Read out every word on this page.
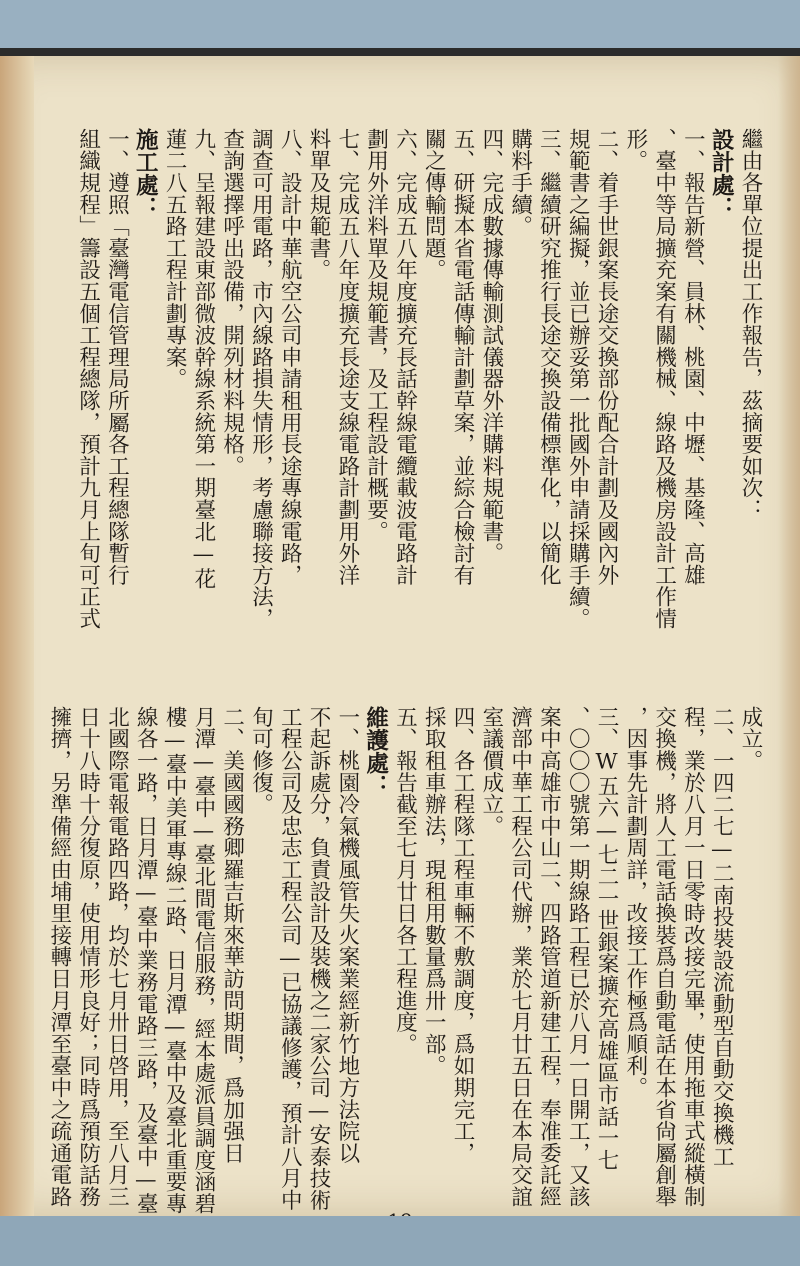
繼由各單位提出工作報告，茲摘要如次：
設計處：
一、報告新營、員林、桃園、中壢、基隆、高雄
、臺中等局擴充案有關機械、線路及機房設計工作情
形。
二、着手世銀案長途交換部份配合計劃及國內外
規範書之編擬，並已辦妥第一批國外申請採購手續。
三、繼續研究推行長途交換設備標準化，以簡化
購料手續。
四、完成數據傳輸測試儀器外洋購料規範書。
五、研擬本省電話傳輸計劃草案，並綜合檢討有
關之傳輸問題。
六、完成五八年度擴充長話幹線電纜載波電路計
劃用外洋料單及規範書，及工程設計概要。
七、完成五八年度擴充長途支線電路計劃用外洋
料單及規範書。
八、設計中華航空公司申請租用長途專線電路，
調查可用電路，市內線路損失情形，考慮聯接方法，
查詢選擇呼出設備，開列材料規格。
九、呈報建設東部微波幹線系統第一期臺北—花
蓮二八五路工程計劃專案。
施工處：
一、遵照「臺灣電信管理局所屬各工程總隊暫行
組織規程」籌設五個工程總隊，預計九月上旬可正式
成立。
二、一四二七—二南投裝設流動型自動交換機工
程，業於八月一日零時改接完畢，使用拖車式縱橫制
交換機，將人工電話換裝爲自動電話在本省尙屬創舉
，因事先計劃周詳，改接工作極爲順利。
三、W五六—七二一世銀案擴充高雄區市話一七
、〇〇〇號第一期線路工程已於八月一日開工，又該
案中高雄市中山二、四路管道新建工程，奉准委託經
濟部中華工程公司代辦，業於七月廿五日在本局交誼
室議價成立。
四、各工程隊工程車輛不敷調度，爲如期完工，
採取租車辦法，現租用數量爲卅一部。
五、報告截至七月廿日各工程進度。
維護處：
一、桃園冷氣機風管失火案業經新竹地方法院以
不起訴處分，負責設計及裝機之二家公司—安泰技術
工程公司及忠志工程公司—已協議修護，預計八月中
旬可修復。
二、美國國務卿羅吉斯來華訪問期間，爲加强日
月潭—臺中—臺北間電信服務，經本處派員調度涵碧
樓—臺中美軍專線二路、日月潭—臺中及臺北重要專
線各一路，日月潭—臺中業務電路三路，及臺中—臺
北國際電報電路四路，均於七月卅日啓用，至八月三
日十八時十分復原，使用情形良好；同時爲預防話務
擁擠，另準備經由埔里接轉日月潭至臺中之疏通電路
